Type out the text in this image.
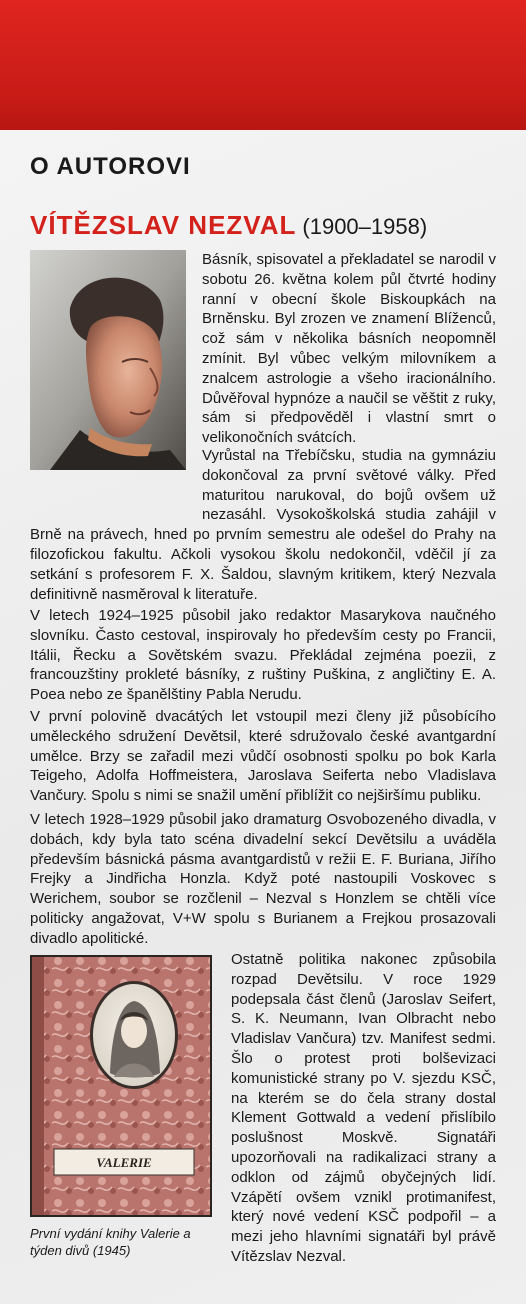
O AUTOROVI
VÍTĚZSLAV NEZVAL (1900–1958)

Básník, spisovatel a překladatel se narodil v sobotu 26. května kolem půl čtvrté hodiny ranní v obecní škole Biskoupkách na Brněnsku. Byl zrozen ve znamení Blíženců, což sám v několika básních neopomněl zmínit. Byl vůbec velkým milovníkem a znalcem astrologie a všeho iracionálního. Důvěřoval hypnóze a naučil se věštit z ruky, sám si předpověděl i vlastní smrt o velikonočních svátcích.

Vyrůstal na Třebíčsku, studia na gymnáziu dokončoval za první světové války. Před maturitou narukoval, do bojů ovšem už nezasáhl. Vysokoškolská studia zahájil v Brně na právech, hned po prvním semestru ale odešel do Prahy na filozofickou fakultu. Ačkoli vysokou školu nedokončil, vděčil jí za setkání s profesorem F. X. Šaldou, slavným kritikem, který Nezvala definitivně nasměroval k literatuře.

V letech 1924–1925 působil jako redaktor Masarykova naučného slovníku. Často cestoval, inspirovaly ho především cesty po Francii, Itálii, Řecku a Sovětském svazu. Překládal zejména poezii, z francouzštiny prokleté básníky, z ruštiny Puškina, z angličtiny E. A. Poea nebo ze španělštiny Pabla Nerudu.

V první polovině dvacátých let vstoupil mezi členy již působícího uměleckého sdružení Devětsil, které sdružovalo české avantgardní umělce. Brzy se zařadil mezi vůdčí osobnosti spolku po bok Karla Teigeho, Adolfa Hoffmeistera, Jaroslava Seiferta nebo Vladislava Vančury. Spolu s nimi se snažil umění přiblížit co nejširšímu publiku.

V letech 1928–1929 působil jako dramaturg Osvobozeného divadla, v dobách, kdy byla tato scéna divadelní sekcí Devětsilu a uváděla především básnická pásma avantgardistů v režii E. F. Buriana, Jiřího Frejky a Jindřicha Honzla. Když poté nastoupili Voskovec s Werichem, soubor se rozčlenil – Nezval s Honzlem se chtěli více politicky angažovat, V+W spolu s Burianem a Frejkou prosazovali divadlo apolitické.

VALERIE

První vydání knihy Valerie a týden divů (1945)

Ostatně politika nakonec způsobila rozpad Devětsilu. V roce 1929 podepsala část členů (Jaroslav Seifert, S. K. Neumann, Ivan Olbracht nebo Vladislav Vančura) tzv. Manifest sedmi. Šlo o protest proti bolševizaci komunistické strany po V. sjezdu KSČ, na kterém se do čela strany dostal Klement Gottwald a vedení přislíbilo poslušnost Moskvě. Signatáři upozorňovali na radikalizaci strany a odklon od zájmů obyčejných lidí. Vzápětí ovšem vznikl protimanifest, který nové vedení KSČ podpořil – a mezi jeho hlavními signatáři byl právě Vítězslav Nezval.
